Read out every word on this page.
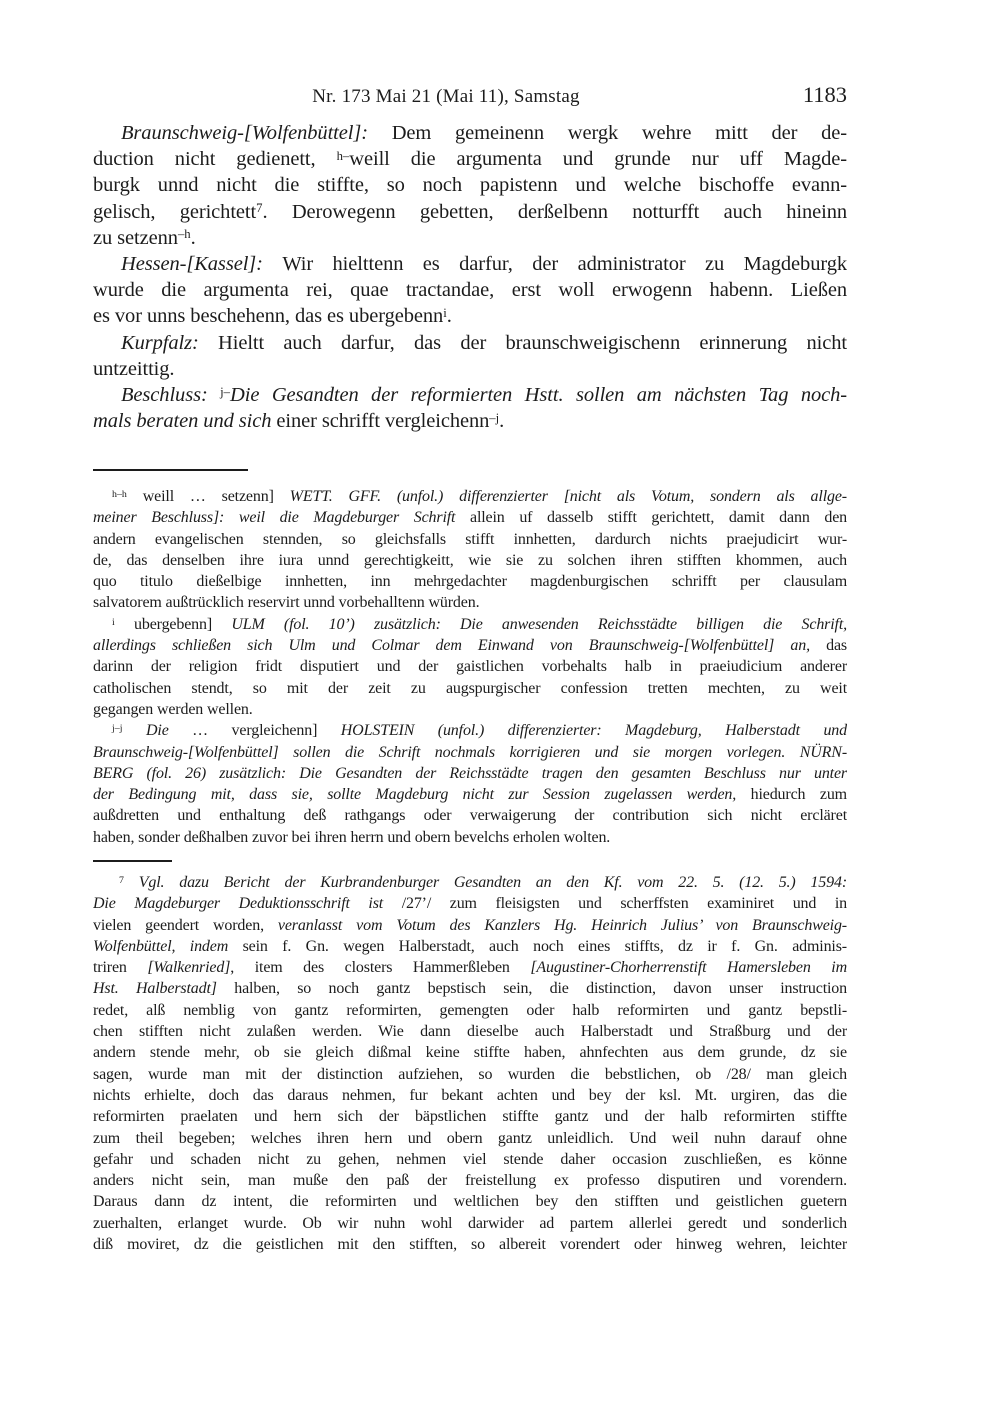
Nr. 173 Mai 21 (Mai 11), Samstag	1183
Braunschweig-[Wolfenbüttel]: Dem gemeinenn wergk wehre mitt der de-
duction nicht gedienett, $^{h-}$weill die argumenta und grunde nur uff Magde-
burgk unnd nicht die stiffte, so noch papistenn und welche bischoffe evann-
gelisch, gerichtett$^7$. Derowegenn gebetten, derßelbenn notturfft auch hineinn
zu setzenn$^{-h}$.
Hessen-[Kassel]: Wir hielttenn es darfur, der administrator zu Magdeburgk
wurde die argumenta rei, quae tractandae, erst woll erwogenn habenn. Ließen
es vor unns beschehenn, das es ubergebenn$^i$.
Kurpfalz: Hieltt auch darfur, das der braunschweigischenn erinnerung nicht
untzeittig.
Beschluss: $^{j-}$Die Gesandten der reformierten Hstt. sollen am nächsten Tag noch-
mals beraten und sich einer schrifft vergleichenn$^{-j}$.
$^{h-h}$ weill … setzenn] WETT. GFF. (unfol.) differenzierter [nicht als Votum, sondern als allge-
meiner Beschluss]: weil die Magdeburger Schrift allein uf dasselb stifft gerichtett, damit dann den
andern evangelischen stennden, so gleichsfalls stifft innhetten, dardurch nichts praejudicirt wur-
de, das denselben ihre iura unnd gerechtigkeitt, wie sie zu solchen ihren stifften khommen, auch
quo titulo dießelbige innhetten, inn mehrgedachter magdenburgischen schrifft per clausulam
salvatorem außtrücklich reservirt unnd vorbehalltenn würden.
$^i$ ubergebenn] ULM (fol. 10’) zusätzlich: Die anwesenden Reichsstädte billigen die Schrift,
allerdings schließen sich Ulm und Colmar dem Einwand von Braunschweig-[Wolfenbüttel] an, das
darinn der religion fridt disputiert und der gaistlichen vorbehalts halb in praeiudicium anderer
catholischen stendt, so mit der zeit zu augspurgischer confession tretten mechten, zu weit
gegangen werden wellen.
$^{j-j}$ Die … vergleichenn] HOLSTEIN (unfol.) differenzierter: Magdeburg, Halberstadt und
Braunschweig-[Wolfenbüttel] sollen die Schrift nochmals korrigieren und sie morgen vorlegen. NÜRN-
BERG (fol. 26) zusätzlich: Die Gesandten der Reichsstädte tragen den gesamten Beschluss nur unter
der Bedingung mit, dass sie, sollte Magdeburg nicht zur Session zugelassen werden, hiedurch zum
außdretten und enthaltung deß rathgangs oder verwaigerung der contribution sich nicht ercläret
haben, sonder deßhalben zuvor bei ihren herrn und obern bevelchs erholen wolten.
$^7$ Vgl. dazu Bericht der Kurbrandenburger Gesandten an den Kf. vom 22. 5. (12. 5.) 1594:
Die Magdeburger Deduktionsschrift ist /27’/ zum fleisigsten und scherffsten examiniret und in
vielen geendert worden, veranlasst vom Votum des Kanzlers Hg. Heinrich Julius’ von Braunschweig-
Wolfenbüttel, indem sein f. Gn. wegen Halberstadt, auch noch eines stiffts, dz ir f. Gn. adminis-
triren [Walkenried], item des closters Hammerßleben [Augustiner-Chorherrenstift Hamersleben im
Hst. Halberstadt] halben, so noch gantz bepstisch sein, die distinction, davon unser instruction
redet, alß nemblig von gantz reformirten, gemengten oder halb reformirten und gantz bepstli-
chen stifften nicht zulaßen werden. Wie dann dieselbe auch Halberstadt und Straßburg und der
andern stende mehr, ob sie gleich dißmal keine stiffte haben, ahnfechten aus dem grunde, dz sie
sagen, wurde man mit der distinction aufziehen, so wurden die bebstlichen, ob /28/ man gleich
nichts erhielte, doch das daraus nehmen, fur bekant achten und bey der ksl. Mt. urgiren, das die
reformirten praelaten und hern sich der bäpstlichen stiffte gantz und der halb reformirten stiffte
zum theil begeben; welches ihren hern und obern gantz unleidlich. Und weil nuhn darauf ohne
gefahr und schaden nicht zu gehen, nehmen viel stende daher occasion zuschließen, es könne
anders nicht sein, man muße den paß der freistellung ex professo disputiren und vorendern.
Daraus dann dz intent, die reformirten und weltlichen bey den stifften und geistlichen guetern
zuerhalten, erlanget wurde. Ob wir nuhn wohl darwider ad partem allerlei geredt und sonderlich
diß moviret, dz die geistlichen mit den stifften, so albereit vorendert oder hinweg wehren, leichter
